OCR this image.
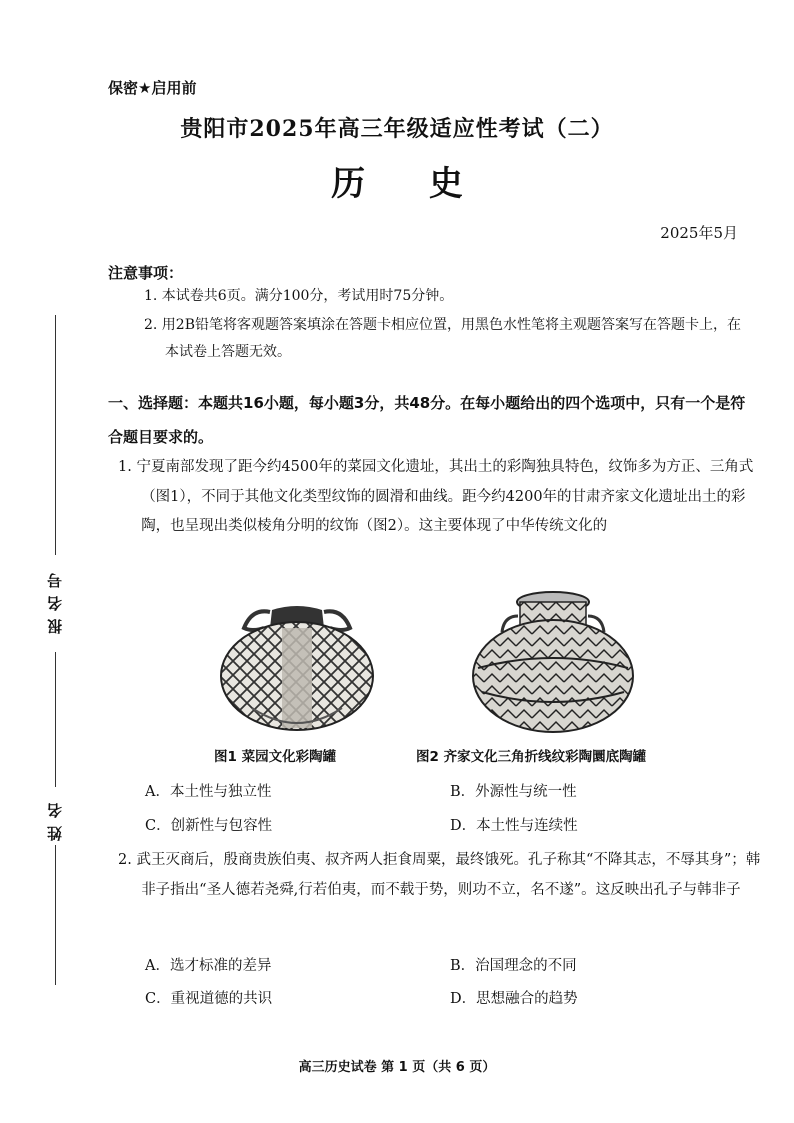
报名号
姓名
保密★启用前
贵阳市2025年高三年级适应性考试（二）
历 史
2025年5月
注意事项：
1. 本试卷共6页。满分100分，考试用时75分钟。
2. 用2B铅笔将客观题答案填涂在答题卡相应位置，用黑色水性笔将主观题答案写在答题卡上，在本试卷上答题无效。
一、选择题：本题共16小题，每小题3分，共48分。在每小题给出的四个选项中，只有一个是符合题目要求的。
1. 宁夏南部发现了距今约4500年的菜园文化遗址，其出土的彩陶独具特色，纹饰多为方正、三角式（图1），不同于其他文化类型纹饰的圆滑和曲线。距今约4200年的甘肃齐家文化遗址出土的彩陶，也呈现出类似棱角分明的纹饰（图2）。这主要体现了中华传统文化的
图1 菜园文化彩陶罐	图2 齐家文化三角折线纹彩陶圜底陶罐
A．本土性与独立性	B．外源性与统一性
C．创新性与包容性	D．本土性与连续性
2. 武王灭商后，殷商贵族伯夷、叔齐两人拒食周粟，最终饿死。孔子称其“不降其志，不辱其身”；韩非子指出“圣人德若尧舜,行若伯夷，而不载于势，则功不立，名不遂”。这反映出孔子与韩非子
A．选才标准的差异	B．治国理念的不同
C．重视道德的共识	D．思想融合的趋势
高三历史试卷 第 1 页（共 6 页）
